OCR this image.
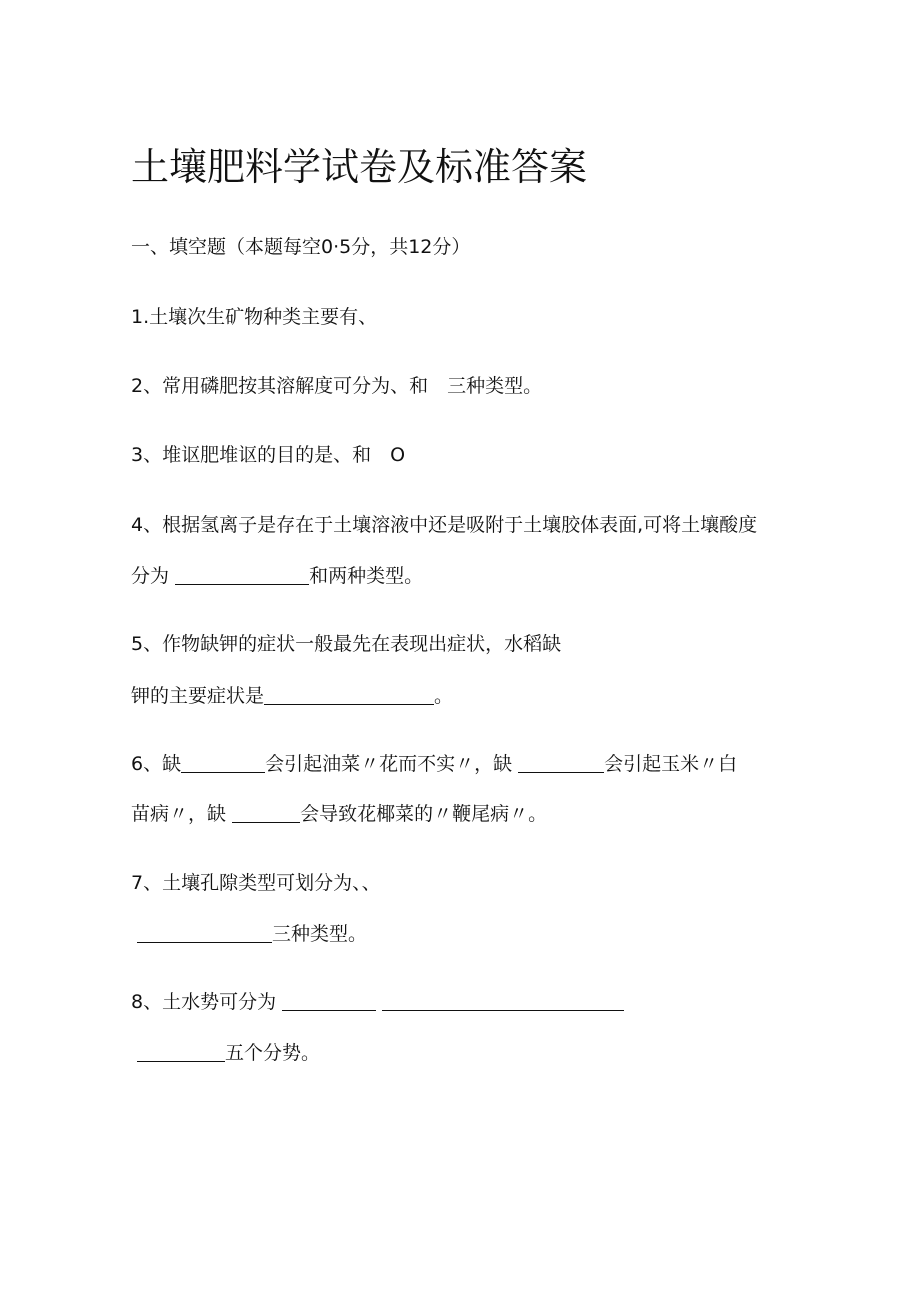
土壤肥料学试卷及标准答案
一、填空题（本题每空0·5分，共12分）
1.土壤次生矿物种类主要有、
2、常用磷肥按其溶解度可分为、和　三种类型。
3、堆讴肥堆讴的目的是、和　O
4、根据氢离子是存在于土壤溶液中还是吸附于土壤胶体表面,可将土壤酸度
分为	和两种类型。
5、作物缺钾的症状一般最先在表现出症状，水稻缺
钾的主要症状是	。
6、缺	会引起油菜〃花而不实〃，缺	会引起玉米〃白
苗病〃，缺	会导致花椰菜的〃鞭尾病〃。
7、土壤孔隙类型可划分为、、
三种类型。
8、土水势可分为
五个分势。
